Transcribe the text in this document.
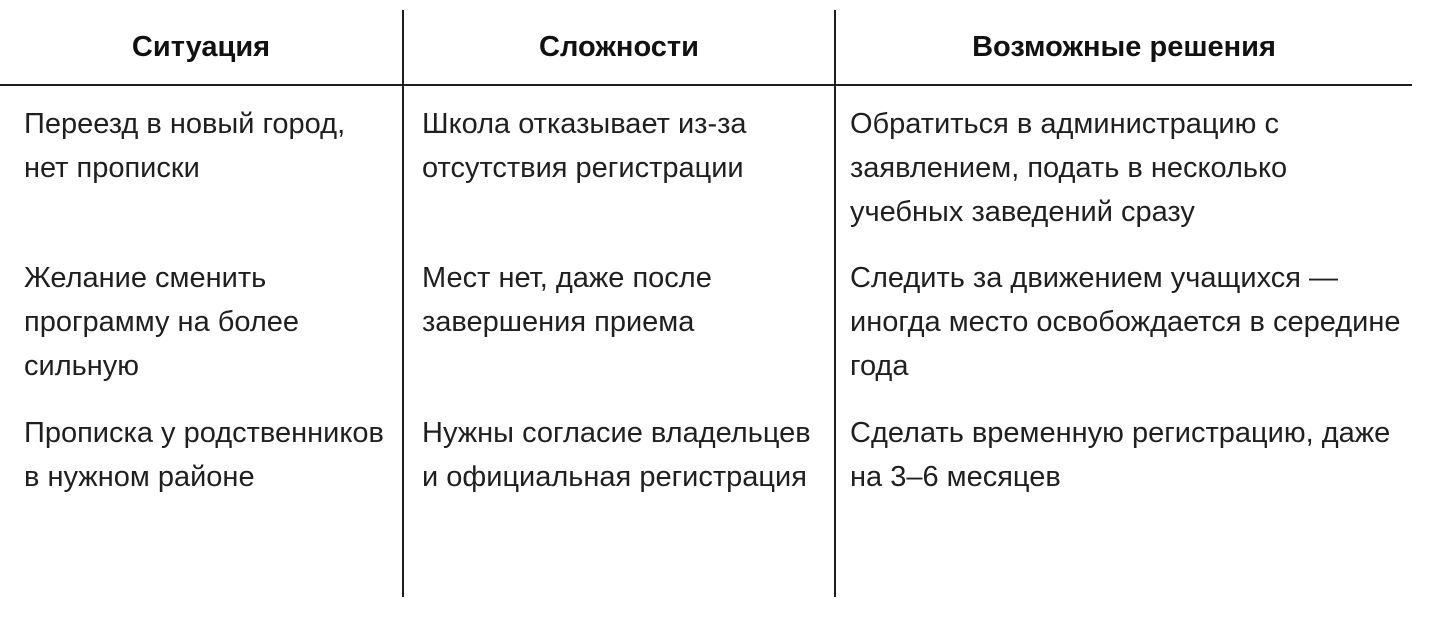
Ситуация	Сложности	Возможные решения
Переезд в новый город, нет прописки	Школа отказывает из-за отсутствия регистрации	Обратиться в администрацию с заявлением, подать в несколько учебных заведений сразу
Желание сменить программу на более сильную	Мест нет, даже после завершения приема	Следить за движением учащихся — иногда место освобождается в середине года
Прописка у родственников в нужном районе	Нужны согласие владельцев и официальная регистрация	Сделать временную регистрацию, даже на 3–6 месяцев
